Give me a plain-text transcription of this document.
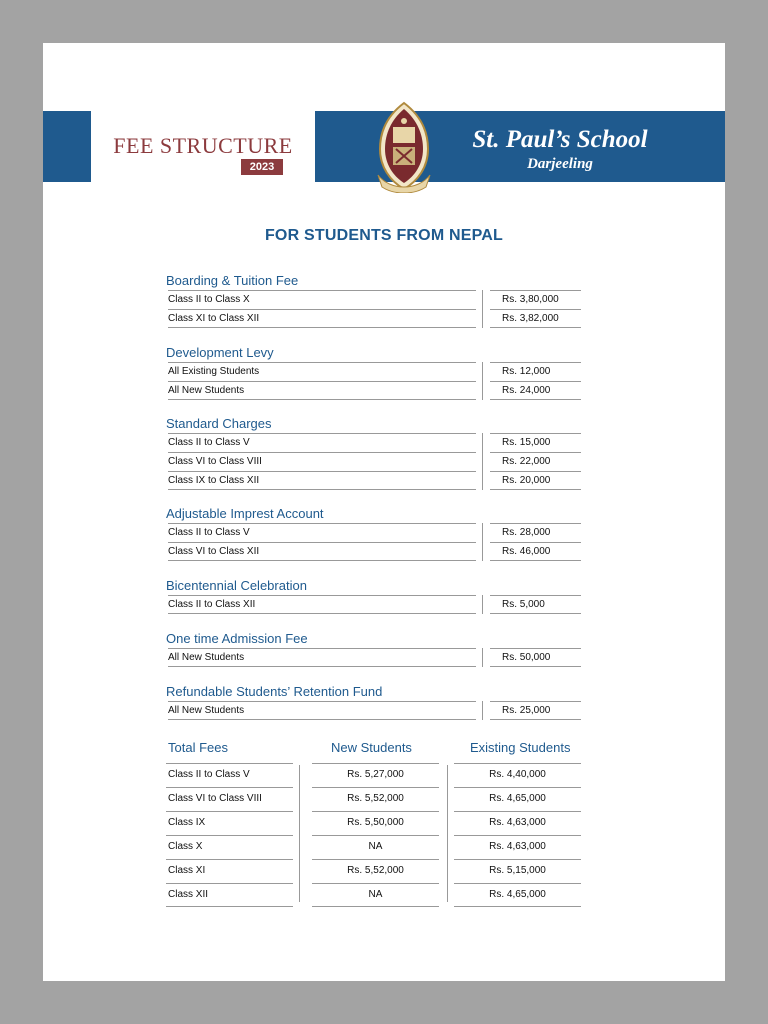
FEE STRUCTURE
2023
St. Paul’s School
Darjeeling
FOR STUDENTS FROM NEPAL
Boarding & Tuition Fee
Class II to Class X	Rs. 3,80,000
Class XI to Class XII	Rs. 3,82,000
Development Levy
All Existing Students	Rs. 12,000
All New Students	Rs. 24,000
Standard Charges
Class II to Class V	Rs. 15,000
Class VI to Class VIII	Rs. 22,000
Class IX to Class XII	Rs. 20,000
Adjustable Imprest Account
Class II to Class V	Rs. 28,000
Class VI to Class XII	Rs. 46,000
Bicentennial Celebration
Class II to Class XII	Rs. 5,000
One time Admission Fee
All New Students	Rs. 50,000
Refundable Students’ Retention Fund
All New Students	Rs. 25,000
Total Fees	New Students	Existing Students
Class II to Class V	Rs. 5,27,000	Rs. 4,40,000
Class VI to Class VIII	Rs. 5,52,000	Rs. 4,65,000
Class IX	Rs. 5,50,000	Rs. 4,63,000
Class X	NA	Rs. 4,63,000
Class XI	Rs. 5,52,000	Rs. 5,15,000
Class XII	NA	Rs. 4,65,000
